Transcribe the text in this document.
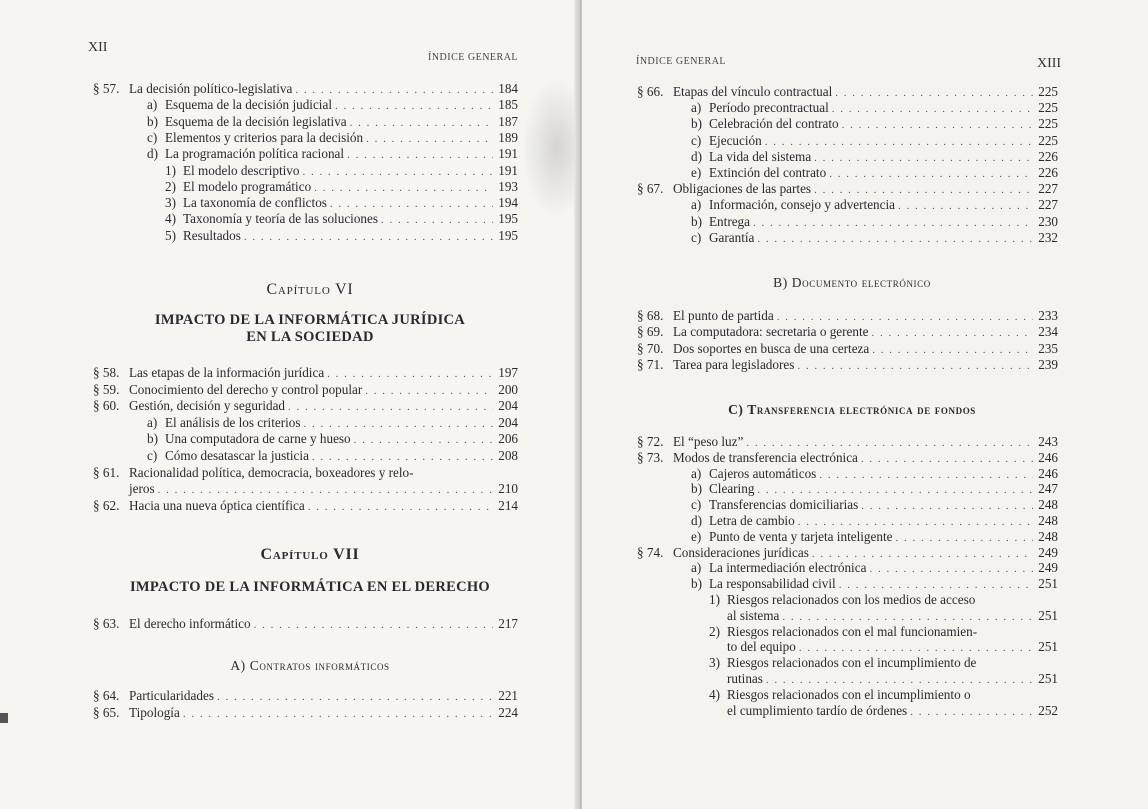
XII
ÍNDICE GENERAL
§ 57. La decisión político-legislativa . . .	184
a) Esquema de la decisión judicial . . .	185
b) Esquema de la decisión legislativa . . .	187
c) Elementos y criterios para la decisión . . .	189
d) La programación política racional . . .	191
1) El modelo descriptivo . . .	191
2) El modelo programático . . .	193
3) La taxonomía de conflictos . . .	194
4) Taxonomía y teoría de las soluciones . . .	195
5) Resultados . . .	195
Capítulo VI
IMPACTO DE LA INFORMÁTICA JURÍDICA
EN LA SOCIEDAD
§ 58. Las etapas de la información jurídica . . .	197
§ 59. Conocimiento del derecho y control popular . . .	200
§ 60. Gestión, decisión y seguridad . . .	204
a) El análisis de los criterios . . .	204
b) Una computadora de carne y hueso . . .	206
c) Cómo desatascar la justicia . . .	208
§ 61. Racionalidad política, democracia, boxeadores y relo-
jeros . . .	210
§ 62. Hacia una nueva óptica científica . . .	214
Capítulo VII
IMPACTO DE LA INFORMÁTICA EN EL DERECHO
§ 63. El derecho informático . . .	217
A) Contratos informáticos
§ 64. Particularidades . . .	221
§ 65. Tipología . . .	224
ÍNDICE GENERAL	XIII
§ 66. Etapas del vínculo contractual . . .	225
a) Período precontractual . . .	225
b) Celebración del contrato . . .	225
c) Ejecución . . .	225
d) La vida del sistema . . .	226
e) Extinción del contrato . . .	226
§ 67. Obligaciones de las partes . . .	227
a) Información, consejo y advertencia . . .	227
b) Entrega . . .	230
c) Garantía . . .	232
B) Documento electrónico
§ 68. El punto de partida . . .	233
§ 69. La computadora: secretaria o gerente . . .	234
§ 70. Dos soportes en busca de una certeza . . .	235
§ 71. Tarea para legisladores . . .	239
C) Transferencia electrónica de fondos
§ 72. El “peso luz” . . .	243
§ 73. Modos de transferencia electrónica . . .	246
a) Cajeros automáticos . . .	246
b) Clearing . . .	247
c) Transferencias domiciliarias . . .	248
d) Letra de cambio . . .	248
e) Punto de venta y tarjeta inteligente . . .	248
§ 74. Consideraciones jurídicas . . .	249
a) La intermediación electrónica . . .	249
b) La responsabilidad civil . . .	251
1) Riesgos relacionados con los medios de acceso
al sistema . . .	251
2) Riesgos relacionados con el mal funcionamien-
to del equipo . . .	251
3) Riesgos relacionados con el incumplimiento de
rutinas . . .	251
4) Riesgos relacionados con el incumplimiento o
el cumplimiento tardío de órdenes . . .	252
